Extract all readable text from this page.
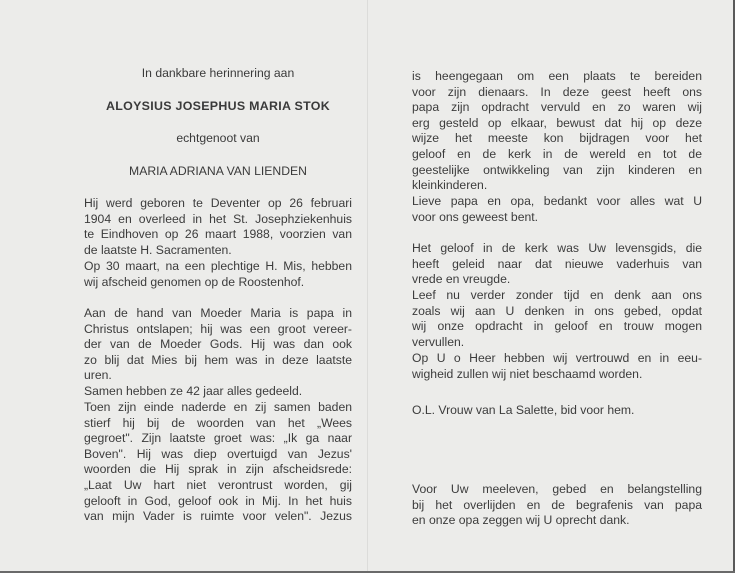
In dankbare herinnering aan
ALOYSIUS JOSEPHUS MARIA STOK
echtgenoot van
MARIA ADRIANA VAN LIENDEN

Hij werd geboren te Deventer op 26 februari

1904 en overleed in het St. Josephziekenhuis

te Eindhoven op 26 maart 1988, voorzien van

de laatste H. Sacramenten.

Op 30 maart, na een plechtige H. Mis, hebben

wij afscheid genomen op de Roostenhof.

Aan de hand van Moeder Maria is papa in

Christus ontslapen; hij was een groot vereer-

der van de Moeder Gods. Hij was dan ook

zo blij dat Mies bij hem was in deze laatste

uren.

Samen hebben ze 42 jaar alles gedeeld.

Toen zijn einde naderde en zij samen baden

stierf hij bij de woorden van het „Wees

gegroet". Zijn laatste groet was: „Ik ga naar

Boven". Hij was diep overtuigd van Jezus'

woorden die Hij sprak in zijn afscheidsrede:

„Laat Uw hart niet verontrust worden, gij

gelooft in God, geloof ook in Mij. In het huis

van mijn Vader is ruimte voor velen". Jezus

is heengegaan om een plaats te bereiden

voor zijn dienaars. In deze geest heeft ons

papa zijn opdracht vervuld en zo waren wij

erg gesteld op elkaar, bewust dat hij op deze

wijze het meeste kon bijdragen voor het

geloof en de kerk in de wereld en tot de

geestelijke ontwikkeling van zijn kinderen en

kleinkinderen.

Lieve papa en opa, bedankt voor alles wat U

voor ons geweest bent.

Het geloof in de kerk was Uw levensgids, die

heeft geleid naar dat nieuwe vaderhuis van

vrede en vreugde.

Leef nu verder zonder tijd en denk aan ons

zoals wij aan U denken in ons gebed, opdat

wij onze opdracht in geloof en trouw mogen

vervullen.

Op U o Heer hebben wij vertrouwd en in eeu-

wigheid zullen wij niet beschaamd worden.

O.L. Vrouw van La Salette, bid voor hem.

Voor Uw meeleven, gebed en belangstelling

bij het overlijden en de begrafenis van papa

en onze opa zeggen wij U oprecht dank.
